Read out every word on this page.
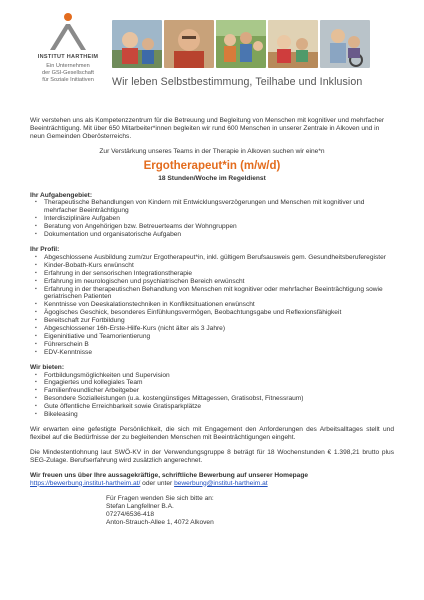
INSTITUT HARTHEIM
Ein Unternehmen
der GSI-Gesellschaft
für Soziale Initiativen	Wir leben Selbstbestimmung, Teilhabe und Inklusion

Wir verstehen uns als Kompetenzzentrum für die Betreuung und Begleitung von Menschen mit kognitiver und mehrfacher Beeinträchtigung. Mit über 650 Mitarbeiter*innen begleiten wir rund 600 Menschen in unserer Zentrale in Alkoven und in neun Gemeinden Oberösterreichs.

Zur Verstärkung unseres Teams in der Therapie in Alkoven suchen wir eine*n

Ergotherapeut*in (m/w/d)
18 Stunden/Woche im Regeldienst
Ihr Aufgabengebiet:
▪ Therapeutische Behandlungen von Kindern mit Entwicklungsverzögerungen und Menschen mit kognitiver und mehrfacher Beeinträchtigung
▪ Interdisziplinäre Aufgaben
▪ Beratung von Angehörigen bzw. Betreuerteams der Wohngruppen
▪ Dokumentation und organisatorische Aufgaben
Ihr Profil:
▪ Abgeschlossene Ausbildung zum/zur Ergotherapeut*in, inkl. gültigem Berufsausweis gem. Gesundheitsberuferegister
▪ Kinder-Bobath-Kurs erwünscht
▪ Erfahrung in der sensorischen Integrationstherapie
▪ Erfahrung im neurologischen und psychiatrischen Bereich erwünscht
▪ Erfahrung in der therapeutischen Behandlung von Menschen mit kognitiver oder mehrfacher Beeinträchtigung sowie geriatrischen Patienten
▪ Kenntnisse von Deeskalationstechniken in Konfliktsituationen erwünscht
▪ Ägogisches Geschick, besonderes Einfühlungsvermögen, Beobachtungsgabe und Reflexionsfähigkeit
▪ Bereitschaft zur Fortbildung
▪ Abgeschlossener 16h-Erste-Hilfe-Kurs (nicht älter als 3 Jahre)
▪ Eigeninitiative und Teamorientierung
▪ Führerschein B
▪ EDV-Kenntnisse
Wir bieten:
▪ Fortbildungsmöglichkeiten und Supervision
▪ Engagiertes und kollegiales Team
▪ Familienfreundlicher Arbeitgeber
▪ Besondere Sozialleistungen (u.a. kostengünstiges Mittagessen, Gratisobst, Fitnessraum)
▪ Gute öffentliche Erreichbarkeit sowie Gratisparkplätze
▪ Bikeleasing

Wir erwarten eine gefestigte Persönlichkeit, die sich mit Engagement den Anforderungen des Arbeitsalltages stellt und flexibel auf die Bedürfnisse der zu begleitenden Menschen mit Beeinträchtigungen eingeht.

Die Mindestentlohnung laut SWÖ-KV in der Verwendungsgruppe 8 beträgt für 18 Wochenstunden € 1.398,21 brutto plus SEG-Zulage. Berufserfahrung wird zusätzlich angerechnet.

Wir freuen uns über Ihre aussagekräftige, schriftliche Bewerbung auf unserer Homepage
https://bewerbung.institut-hartheim.at/ oder unter bewerbung@institut-hartheim.at
Für Fragen wenden Sie sich bitte an:
Stefan Langfellner B.A.
07274/6536-418
Anton-Strauch-Allee 1, 4072 Alkoven
